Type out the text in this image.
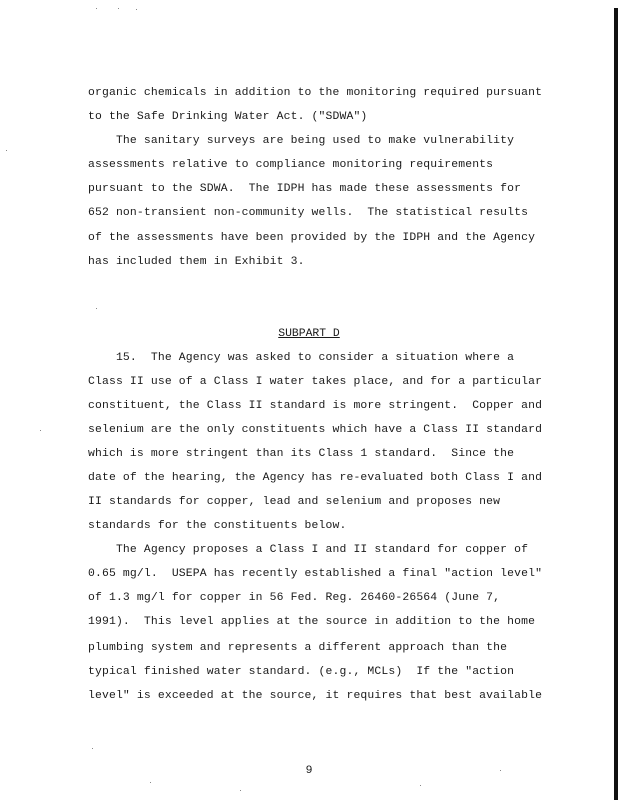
organic chemicals in addition to the monitoring required pursuant
to the Safe Drinking Water Act. ("SDWA")
The sanitary surveys are being used to make vulnerability
assessments relative to compliance monitoring requirements
pursuant to the SDWA.  The IDPH has made these assessments for
652 non-transient non-community wells.  The statistical results
of the assessments have been provided by the IDPH and the Agency
has included them in Exhibit 3.
SUBPART D
15.  The Agency was asked to consider a situation where a
Class II use of a Class I water takes place, and for a particular
constituent, the Class II standard is more stringent.  Copper and
selenium are the only constituents which have a Class II standard
which is more stringent than its Class 1 standard.  Since the
date of the hearing, the Agency has re-evaluated both Class I and
II standards for copper, lead and selenium and proposes new
standards for the constituents below.
The Agency proposes a Class I and II standard for copper of
0.65 mg/l.  USEPA has recently established a final "action level"
of 1.3 mg/l for copper in 56 Fed. Reg. 26460-26564 (June 7,
1991).  This level applies at the source in addition to the home
plumbing system and represents a different approach than the
typical finished water standard. (e.g., MCLs)  If the "action
level" is exceeded at the source, it requires that best available
9
